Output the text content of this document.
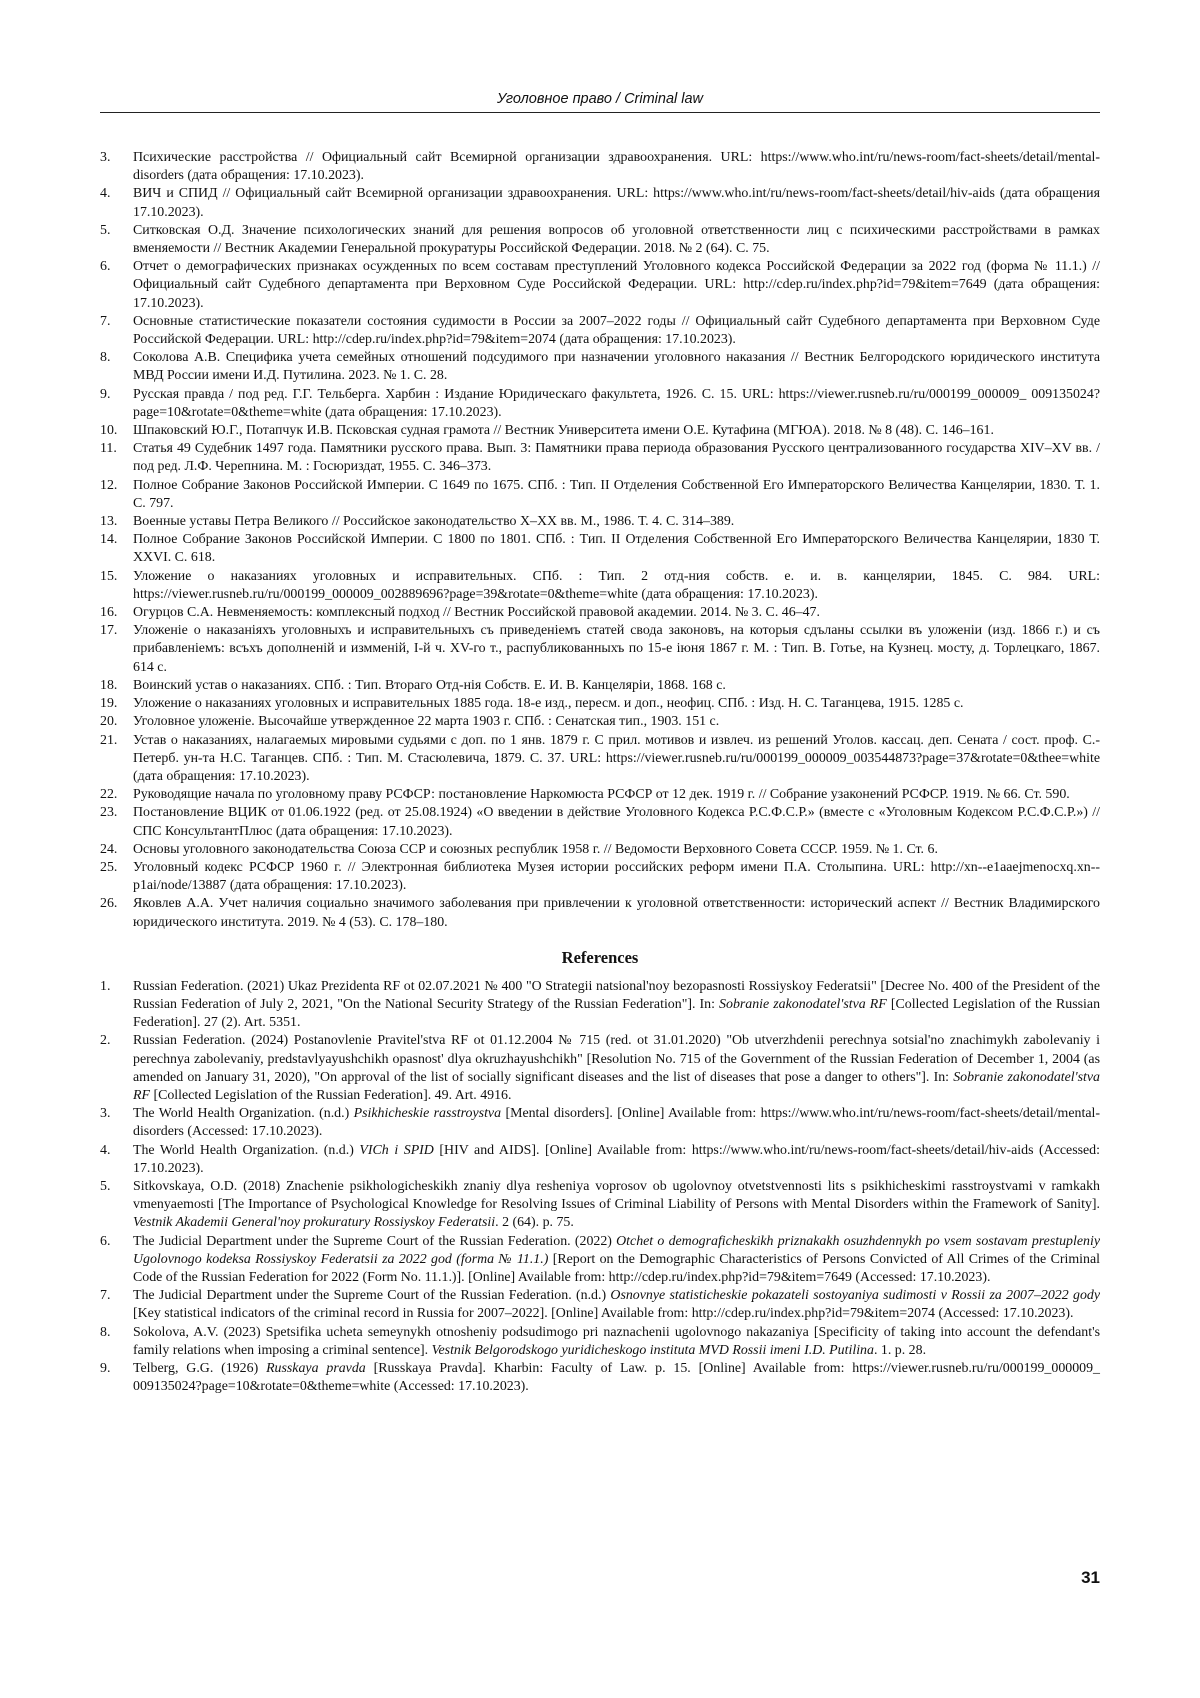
Уголовное право / Criminal law
3.	Психические расстройства // Официальный сайт Всемирной организации здравоохранения. URL: https://www.who.int/ru/news-room/fact-sheets/detail/mental-disorders (дата обращения: 17.10.2023).
4.	ВИЧ и СПИД // Официальный сайт Всемирной организации здравоохранения. URL: https://www.who.int/ru/news-room/fact-sheets/detail/hiv-aids (дата обращения 17.10.2023).
5.	Ситковская О.Д. Значение психологических знаний для решения вопросов об уголовной ответственности лиц с психическими расстройствами в рамках вменяемости // Вестник Академии Генеральной прокуратуры Российской Федерации. 2018. № 2 (64). С. 75.
6.	Отчет о демографических признаках осужденных по всем составам преступлений Уголовного кодекса Российской Федерации за 2022 год (форма № 11.1.) // Официальный сайт Судебного департамента при Верховном Суде Российской Федерации. URL: http://cdep.ru/index.php?id=79&item=7649 (дата обращения: 17.10.2023).
7.	Основные статистические показатели состояния судимости в России за 2007–2022 годы // Официальный сайт Судебного департамента при Верховном Суде Российской Федерации. URL: http://cdep.ru/index.php?id=79&item=2074 (дата обращения: 17.10.2023).
8.	Соколова А.В. Специфика учета семейных отношений подсудимого при назначении уголовного наказания // Вестник Белгородского юридического института МВД России имени И.Д. Путилина. 2023. № 1. С. 28.
9.	Русская правда / под ред. Г.Г. Тельберга. Харбин : Издание Юридическаго факультета, 1926. С. 15. URL: https://viewer.rusneb.ru/ru/000199_000009_ 009135024?page=10&rotate=0&theme=white (дата обращения: 17.10.2023).
10.	Шпаковский Ю.Г., Потапчук И.В. Псковская судная грамота // Вестник Университета имени О.Е. Кутафина (МГЮА). 2018. № 8 (48). С. 146–161.
11.	Статья 49 Судебник 1497 года. Памятники русского права. Вып. 3: Памятники права периода образования Русского централизованного государства XIV–XV вв. / под ред. Л.Ф. Черепнина. М. : Госюриздат, 1955. С. 346–373.
12.	Полное Собрание Законов Российской Империи. С 1649 по 1675. СПб. : Тип. II Отделения Собственной Его Императорского Величества Канцелярии, 1830. Т. 1. С. 797.
13.	Военные уставы Петра Великого // Российское законодательство X–XX вв. М., 1986. Т. 4. С. 314–389.
14.	Полное Собрание Законов Российской Империи. С 1800 по 1801. СПб. : Тип. II Отделения Собственной Его Императорского Величества Канцелярии, 1830 Т. XXVI. С. 618.
15.	Уложение о наказаниях уголовных и исправительных. СПб. : Тип. 2 отд-ния собств. е. и. в. канцелярии, 1845. С. 984. URL: https://viewer.rusneb.ru/ru/000199_000009_002889696?page=39&rotate=0&theme=white (дата обращения: 17.10.2023).
16.	Огурцов С.А. Невменяемость: комплексный подход // Вестник Российской правовой академии. 2014. № 3. С. 46–47.
17.	Уложенie о наказанiяхъ уголовныхъ и исправительныхъ съ приведенiемъ статей свода законовъ, на которыя сдъланы ссылки въ уложенiи (изд. 1866 г.) и съ прибавленiемъ: всъхъ дополненiй и измменiй, I-й ч. XV-го т., распубликованныхъ по 15-е iюня 1867 г. М. : Тип. В. Готье, на Кузнец. мосту, д. Торлецкаго, 1867. 614 с.
18.	Воинский устав о наказаниях. СПб. : Тип. Втораго Отд-нiя Собств. Е. И. В. Канцелярiи, 1868. 168 с.
19.	Уложение о наказаниях уголовных и исправительных 1885 года. 18-е изд., пересм. и доп., неофиц. СПб. : Изд. Н. С. Таганцева, 1915. 1285 с.
20.	Уголовное уложенiе. Высочайше утвержденное 22 марта 1903 г. СПб. : Сенатская тип., 1903. 151 с.
21.	Устав о наказаниях, налагаемых мировыми судьями с доп. по 1 янв. 1879 г. С прил. мотивов и извлеч. из решений Уголов. кассац. деп. Сената / сост. проф. С.-Петерб. ун-та Н.С. Таганцев. СПб. : Тип. М. Стасюлевича, 1879. С. 37. URL: https://viewer.rusneb.ru/ru/000199_000009_003544873?page=37&rotate=0&thee=white (дата обращения: 17.10.2023).
22.	Руководящие начала по уголовному праву РСФСР: постановление Наркомюста РСФСР от 12 дек. 1919 г. // Собрание узаконений РСФСР. 1919. № 66. Ст. 590.
23.	Постановление ВЦИК от 01.06.1922 (ред. от 25.08.1924) «О введении в действие Уголовного Кодекса Р.С.Ф.С.Р.» (вместе с «Уголовным Кодексом Р.С.Ф.С.Р.») // СПС КонсультантПлюс (дата обращения: 17.10.2023).
24.	Основы уголовного законодательства Союза ССР и союзных республик 1958 г. // Ведомости Верховного Совета СССР. 1959. № 1. Ст. 6.
25.	Уголовный кодекс РСФСР 1960 г. // Электронная библиотека Музея истории российских реформ имени П.А. Столыпина. URL: http://xn--e1aaejmenocxq.xn--p1ai/node/13887 (дата обращения: 17.10.2023).
26.	Яковлев А.А. Учет наличия социально значимого заболевания при привлечении к уголовной ответственности: исторический аспект // Вестник Владимирского юридического института. 2019. № 4 (53). С. 178–180.
References
1.	Russian Federation. (2021) Ukaz Prezidenta RF ot 02.07.2021 № 400 "O Strategii natsional'noy bezopasnosti Rossiyskoy Federatsii" [Decree No. 400 of the President of the Russian Federation of July 2, 2021, "On the National Security Strategy of the Russian Federation"]. In: Sobranie zakonodatel'stva RF [Collected Legislation of the Russian Federation]. 27 (2). Art. 5351.
2.	Russian Federation. (2024) Postanovlenie Pravitel'stva RF ot 01.12.2004 № 715 (red. ot 31.01.2020) "Ob utverzhdenii perechnya sotsial'no znachimykh zabolevaniy i perechnya zabolevaniy, predstavlyayushchikh opasnost' dlya okruzhayushchikh" [Resolution No. 715 of the Government of the Russian Federation of December 1, 2004 (as amended on January 31, 2020), "On approval of the list of socially significant diseases and the list of diseases that pose a danger to others"]. In: Sobranie zakonodatel'stva RF [Collected Legislation of the Russian Federation]. 49. Art. 4916.
3.	The World Health Organization. (n.d.) Psikhicheskie rasstroystva [Mental disorders]. [Online] Available from: https://www.who.int/ru/news-room/fact-sheets/detail/mental-disorders (Accessed: 17.10.2023).
4.	The World Health Organization. (n.d.) VICh i SPID [HIV and AIDS]. [Online] Available from: https://www.who.int/ru/news-room/fact-sheets/detail/hiv-aids (Accessed: 17.10.2023).
5.	Sitkovskaya, O.D. (2018) Znachenie psikhologicheskikh znaniy dlya resheniya voprosov ob ugolovnoy otvetstvennosti lits s psikhicheskimi rasstroystvami v ramkakh vmenyaemosti [The Importance of Psychological Knowledge for Resolving Issues of Criminal Liability of Persons with Mental Disorders within the Framework of Sanity]. Vestnik Akademii General'noy prokuratury Rossiyskoy Federatsii. 2 (64). p. 75.
6.	The Judicial Department under the Supreme Court of the Russian Federation. (2022) Otchet o demograficheskikh priznakakh osuzhdennykh po vsem sostavam prestupleniy Ugolovnogo kodeksa Rossiyskoy Federatsii za 2022 god (forma № 11.1.) [Report on the Demographic Characteristics of Persons Convicted of All Crimes of the Criminal Code of the Russian Federation for 2022 (Form No. 11.1.)]. [Online] Available from: http://cdep.ru/index.php?id=79&item=7649 (Accessed: 17.10.2023).
7.	The Judicial Department under the Supreme Court of the Russian Federation. (n.d.) Osnovnye statisticheskie pokazateli sostoyaniya sudimosti v Rossii za 2007–2022 gody [Key statistical indicators of the criminal record in Russia for 2007–2022]. [Online] Available from: http://cdep.ru/index.php?id=79&item=2074 (Accessed: 17.10.2023).
8.	Sokolova, A.V. (2023) Spetsifika ucheta semeynykh otnosheniy podsudimogo pri naznachenii ugolovnogo nakazaniya [Specificity of taking into account the defendant's family relations when imposing a criminal sentence]. Vestnik Belgorodskogo yuridicheskogo instituta MVD Rossii imeni I.D. Putilina. 1. p. 28.
9.	Telberg, G.G. (1926) Russkaya pravda [Russkaya Pravda]. Kharbin: Faculty of Law. p. 15. [Online] Available from: https://viewer.rusneb.ru/ru/000199_000009_ 009135024?page=10&rotate=0&theme=white (Accessed: 17.10.2023).
31
